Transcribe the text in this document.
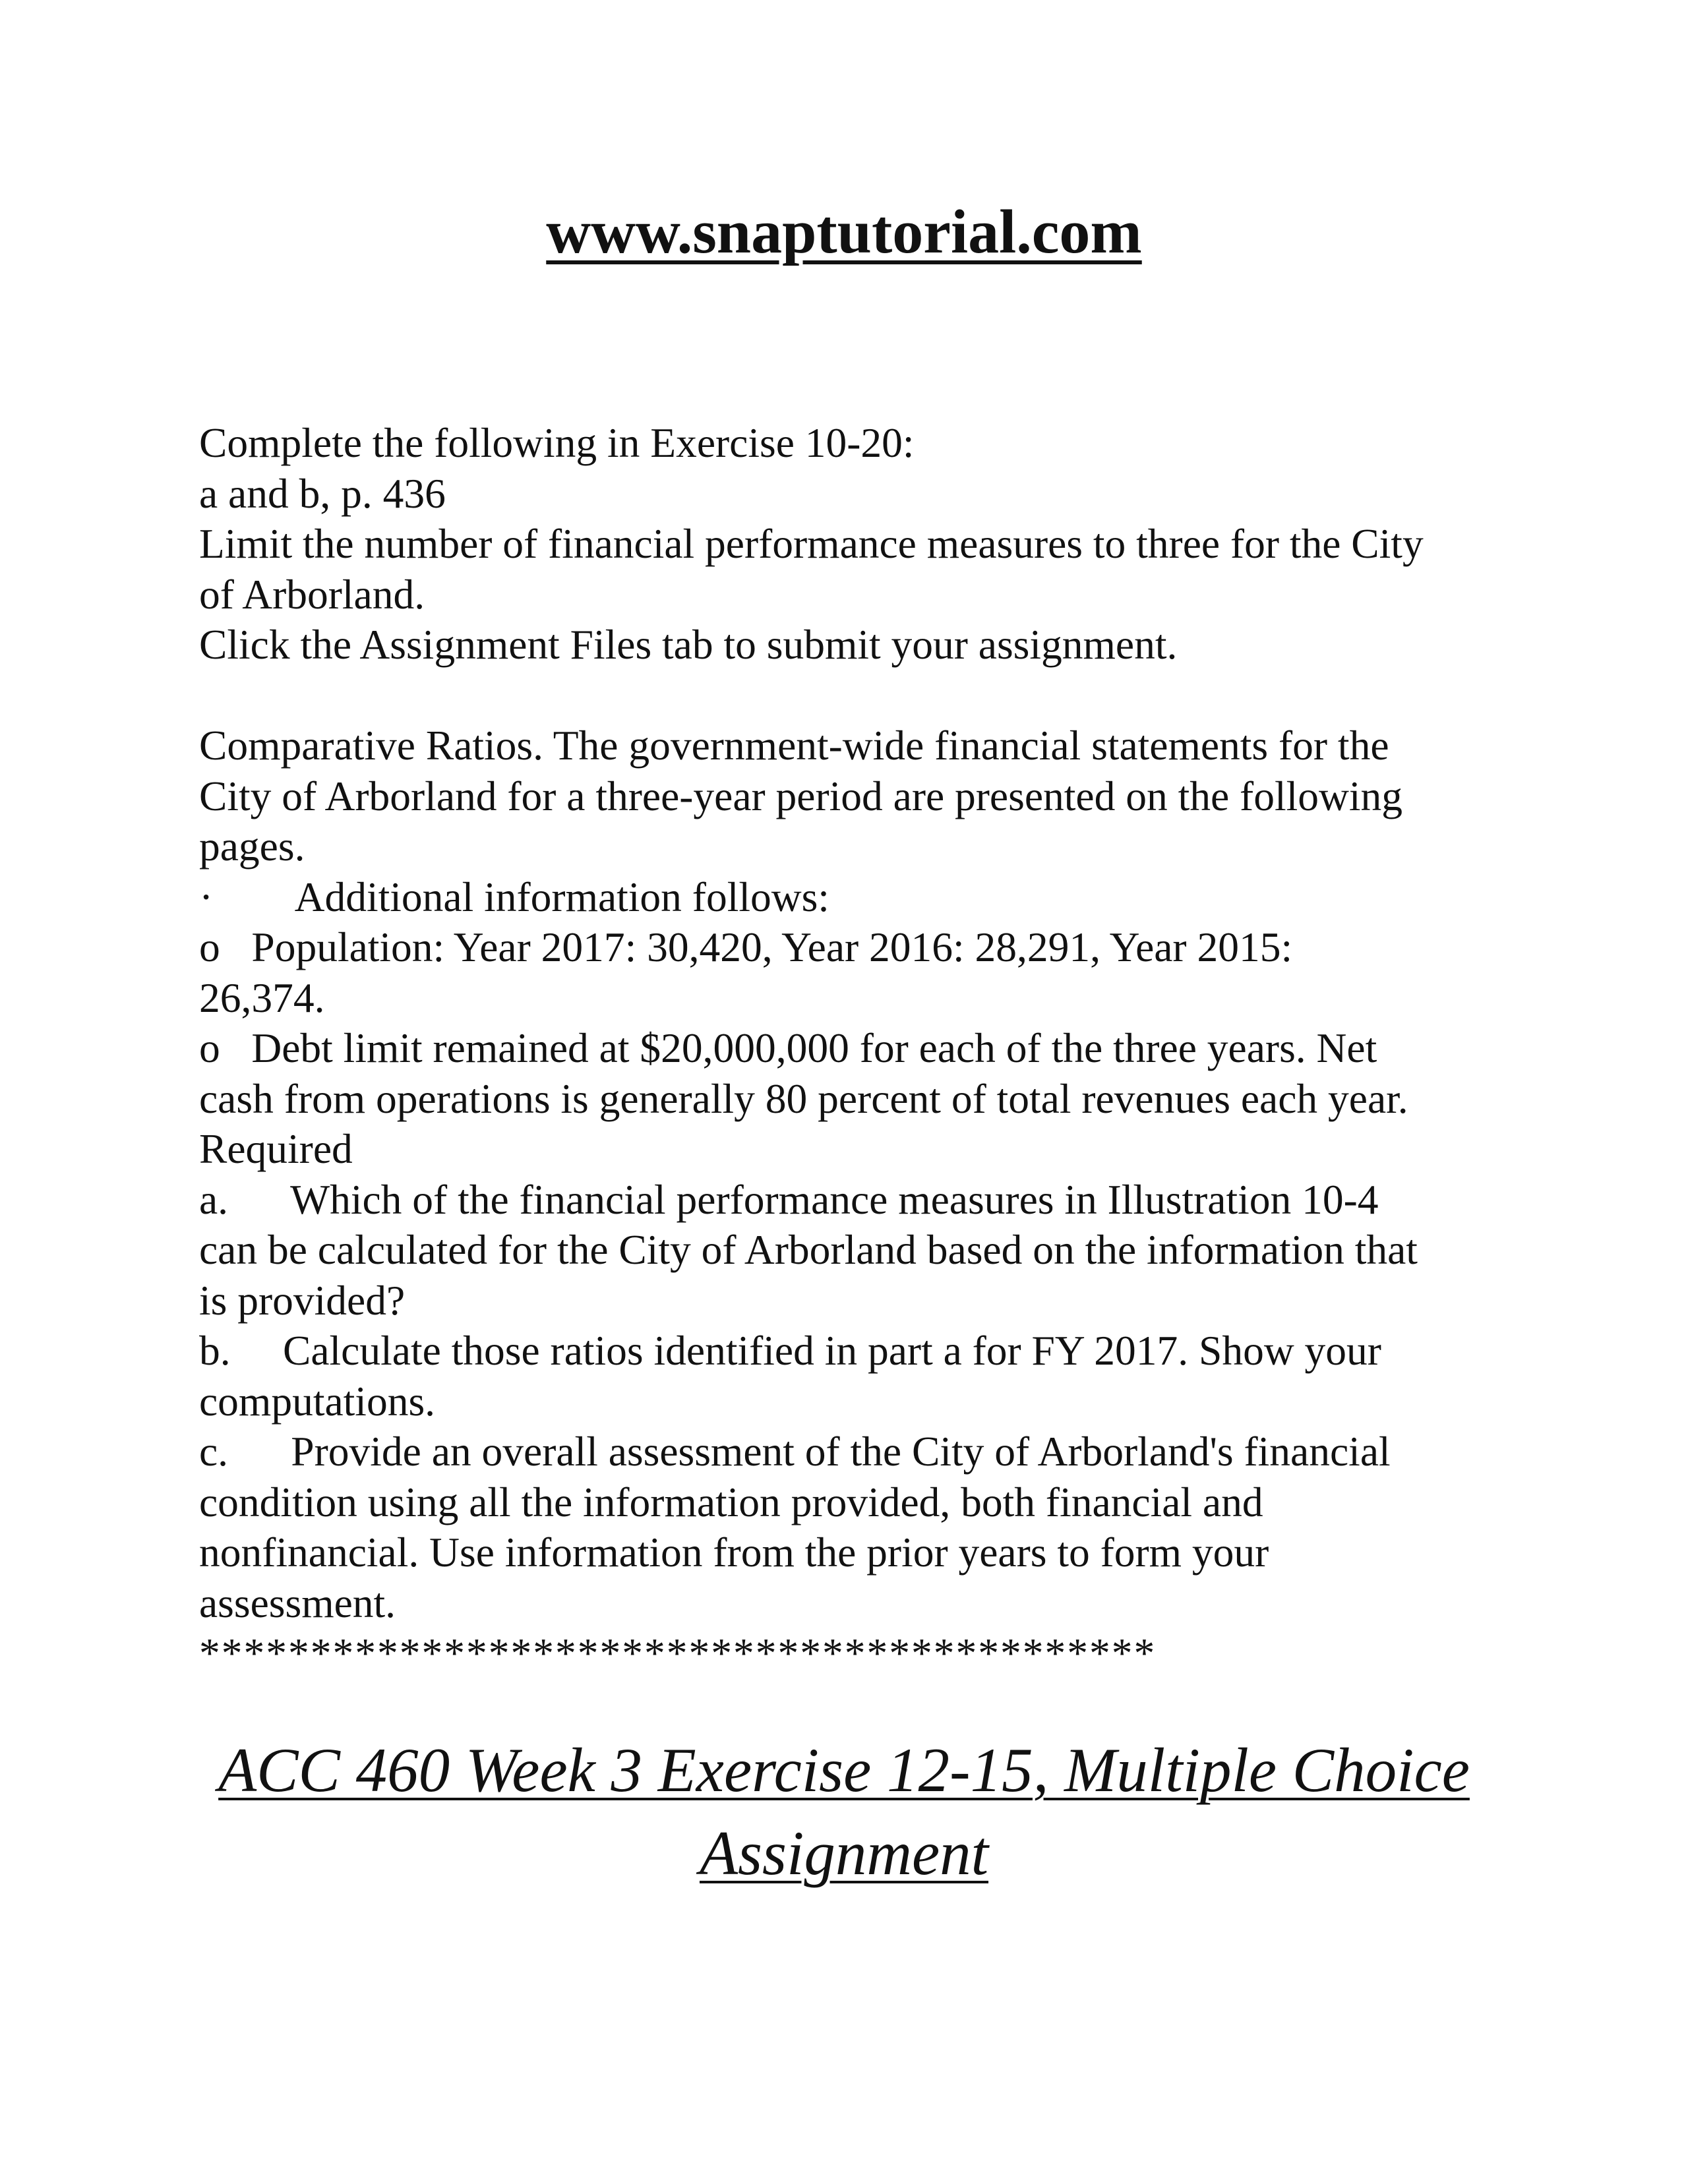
www.snaptutorial.com
Complete the following in Exercise 10-20:
a and b, p. 436
Limit the number of financial performance measures to three for the City
of Arborland.
Click the Assignment Files tab to submit your assignment.
Comparative Ratios. The government-wide financial statements for the
City of Arborland for a three-year period are presented on the following
pages.
·        Additional information follows:
o   Population: Year 2017: 30,420, Year 2016: 28,291, Year 2015:
26,374.
o   Debt limit remained at $20,000,000 for each of the three years. Net
cash from operations is generally 80 percent of total revenues each year.
Required
a.      Which of the financial performance measures in Illustration 10-4
can be calculated for the City of Arborland based on the information that
is provided?
b.     Calculate those ratios identified in part a for FY 2017. Show your
computations.
c.      Provide an overall assessment of the City of Arborland's financial
condition using all the information provided, both financial and
nonfinancial. Use information from the prior years to form your
assessment.
*******************************************
ACC 460 Week 3 Exercise 12-15, Multiple Choice
Assignment
